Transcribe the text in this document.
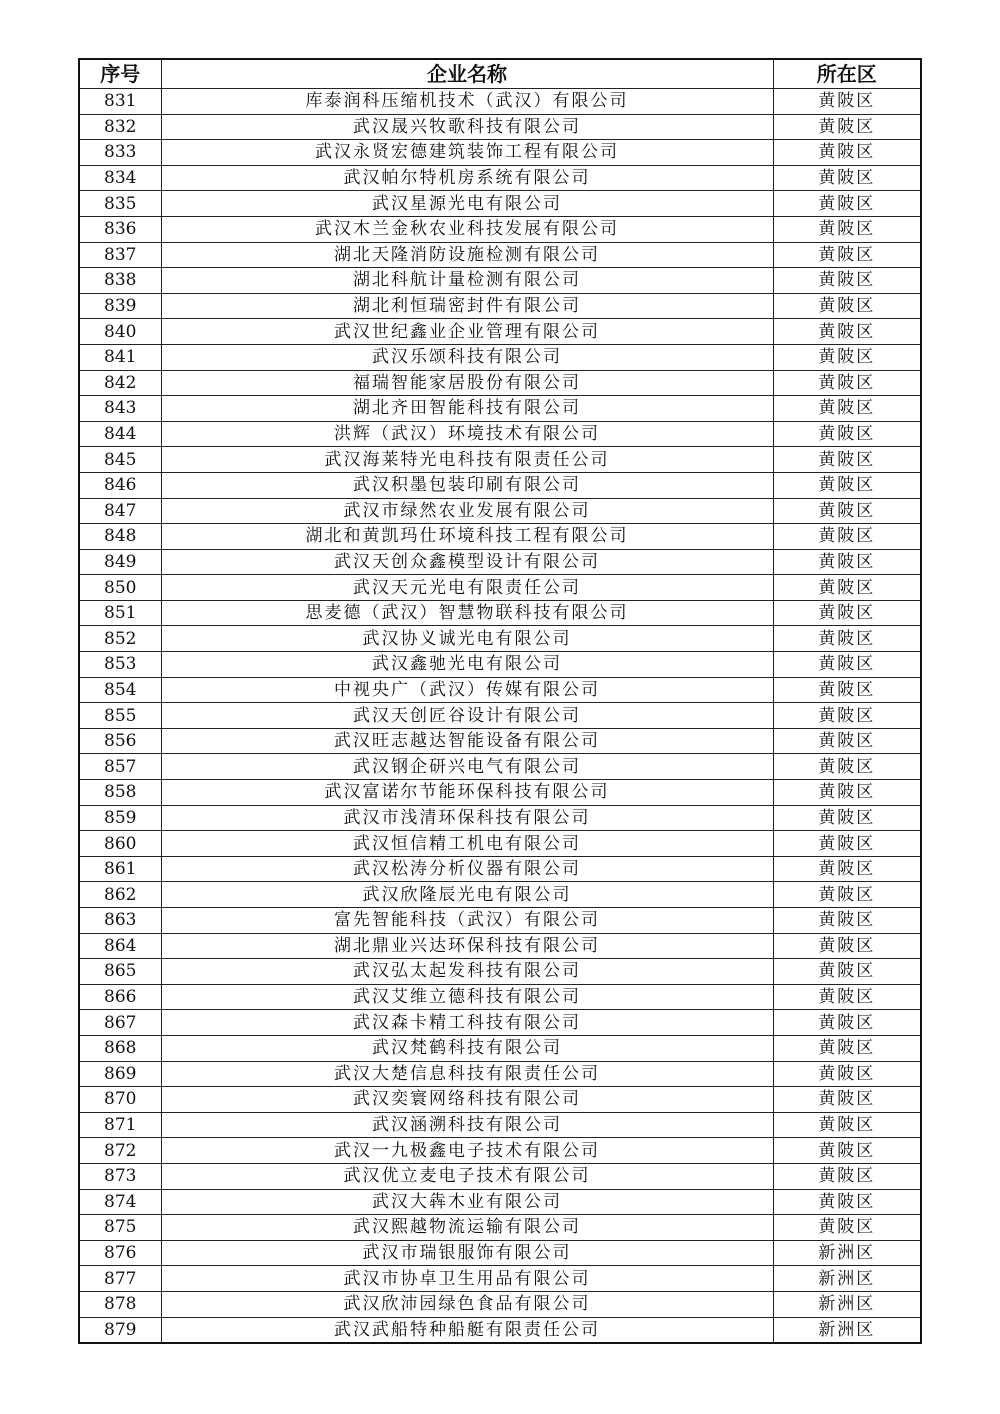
序号	企业名称	所在区
831	库泰润科压缩机技术（武汉）有限公司	黄陂区
832	武汉晟兴牧歌科技有限公司	黄陂区
833	武汉永贤宏德建筑装饰工程有限公司	黄陂区
834	武汉帕尔特机房系统有限公司	黄陂区
835	武汉星源光电有限公司	黄陂区
836	武汉木兰金秋农业科技发展有限公司	黄陂区
837	湖北天隆消防设施检测有限公司	黄陂区
838	湖北科航计量检测有限公司	黄陂区
839	湖北利恒瑞密封件有限公司	黄陂区
840	武汉世纪鑫业企业管理有限公司	黄陂区
841	武汉乐颂科技有限公司	黄陂区
842	福瑞智能家居股份有限公司	黄陂区
843	湖北齐田智能科技有限公司	黄陂区
844	洪辉（武汉）环境技术有限公司	黄陂区
845	武汉海莱特光电科技有限责任公司	黄陂区
846	武汉积墨包装印刷有限公司	黄陂区
847	武汉市绿然农业发展有限公司	黄陂区
848	湖北和黄凯玛仕环境科技工程有限公司	黄陂区
849	武汉天创众鑫模型设计有限公司	黄陂区
850	武汉天元光电有限责任公司	黄陂区
851	思麦德（武汉）智慧物联科技有限公司	黄陂区
852	武汉协义诚光电有限公司	黄陂区
853	武汉鑫驰光电有限公司	黄陂区
854	中视央广（武汉）传媒有限公司	黄陂区
855	武汉天创匠谷设计有限公司	黄陂区
856	武汉旺志越达智能设备有限公司	黄陂区
857	武汉钢企研兴电气有限公司	黄陂区
858	武汉富诺尔节能环保科技有限公司	黄陂区
859	武汉市浅清环保科技有限公司	黄陂区
860	武汉恒信精工机电有限公司	黄陂区
861	武汉松涛分析仪器有限公司	黄陂区
862	武汉欣隆辰光电有限公司	黄陂区
863	富先智能科技（武汉）有限公司	黄陂区
864	湖北鼎业兴达环保科技有限公司	黄陂区
865	武汉弘太起发科技有限公司	黄陂区
866	武汉艾维立德科技有限公司	黄陂区
867	武汉森卡精工科技有限公司	黄陂区
868	武汉梵鹤科技有限公司	黄陂区
869	武汉大楚信息科技有限责任公司	黄陂区
870	武汉奕寰网络科技有限公司	黄陂区
871	武汉涵溯科技有限公司	黄陂区
872	武汉一九极鑫电子技术有限公司	黄陂区
873	武汉优立麦电子技术有限公司	黄陂区
874	武汉大犇木业有限公司	黄陂区
875	武汉熙越物流运输有限公司	黄陂区
876	武汉市瑞银服饰有限公司	新洲区
877	武汉市协卓卫生用品有限公司	新洲区
878	武汉欣沛园绿色食品有限公司	新洲区
879	武汉武船特种船艇有限责任公司	新洲区
